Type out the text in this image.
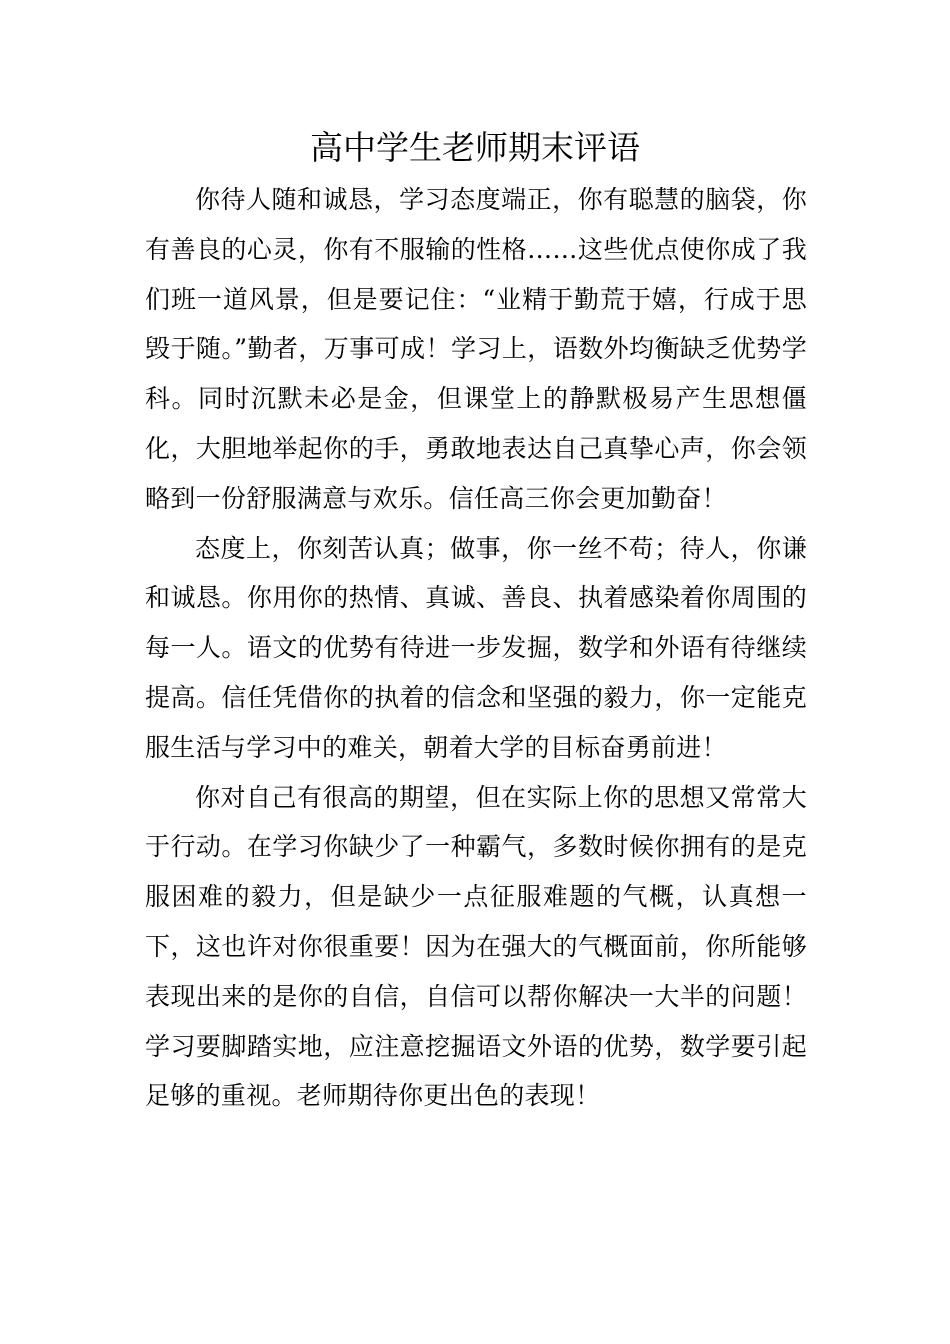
高中学生老师期末评语

你待人随和诚恳，学习态度端正，你有聪慧的脑袋，你有善良的心灵，你有不服输的性格……这些优点使你成了我们班一道风景，但是要记住：“业精于勤荒于嬉，行成于思毁于随。”勤者，万事可成！学习上，语数外均衡缺乏优势学科。同时沉默未必是金，但课堂上的静默极易产生思想僵化，大胆地举起你的手，勇敢地表达自己真挚心声，你会领略到一份舒服满意与欢乐。信任高三你会更加勤奋！

态度上，你刻苦认真；做事，你一丝不苟；待人，你谦和诚恳。你用你的热情、真诚、善良、执着感染着你周围的每一人。语文的优势有待进一步发掘，数学和外语有待继续提高。信任凭借你的执着的信念和坚强的毅力，你一定能克服生活与学习中的难关，朝着大学的目标奋勇前进！

你对自己有很高的期望，但在实际上你的思想又常常大于行动。在学习你缺少了一种霸气，多数时候你拥有的是克服困难的毅力，但是缺少一点征服难题的气概，认真想一下，这也许对你很重要！因为在强大的气概面前，你所能够表现出来的是你的自信，自信可以帮你解决一大半的问题！学习要脚踏实地，应注意挖掘语文外语的优势，数学要引起足够的重视。老师期待你更出色的表现！
